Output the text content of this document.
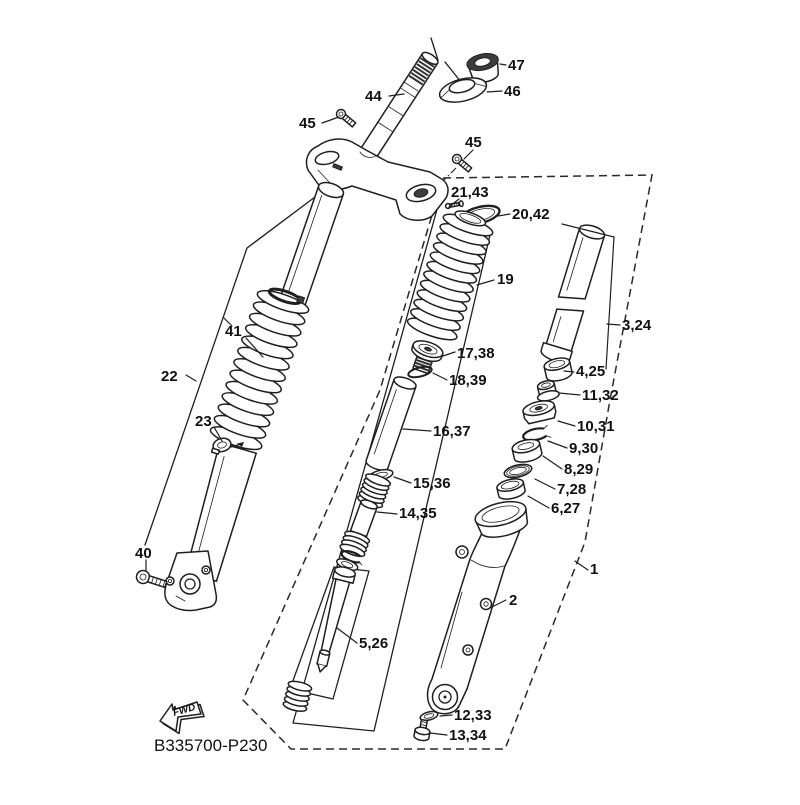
47
46
44
45
45
21,43
20,42
19
3,24
4,25
11,32
10,31
9,30
8,29
7,28
6,27
17,38
18,39
16,37
15,36
14,35
5,26
1
2
12,33
13,34
41
22
23
40
FWD
B335700-P230
